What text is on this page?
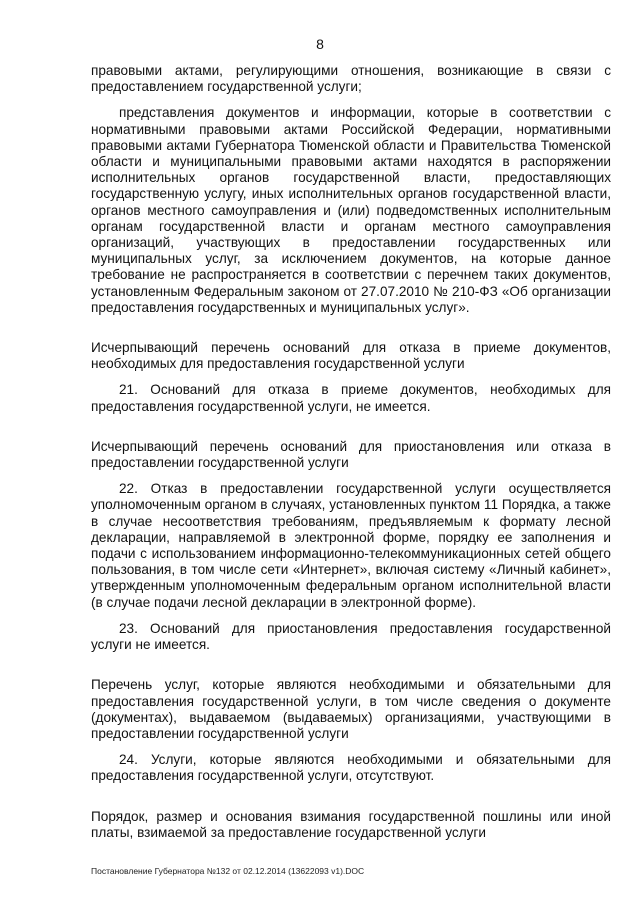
8

правовыми актами, регулирующими отношения, возникающие в связи с предоставлением государственной услуги;

представления документов и информации, которые в соответствии с нормативными правовыми актами Российской Федерации, нормативными правовыми актами Губернатора Тюменской области и Правительства Тюменской области и муниципальными правовыми актами находятся в распоряжении исполнительных органов государственной власти, предоставляющих государственную услугу, иных исполнительных органов государственной власти, органов местного самоуправления и (или) подведомственных исполнительным органам государственной власти и органам местного самоуправления организаций, участвующих в предоставлении государственных или муниципальных услуг, за исключением документов, на которые данное требование не распространяется в соответствии с перечнем таких документов, установленным Федеральным законом от 27.07.2010 № 210-ФЗ «Об организации предоставления государственных и муниципальных услуг».

Исчерпывающий перечень оснований для отказа в приеме документов, необходимых для предоставления государственной услуги

21. Оснований для отказа в приеме документов, необходимых для предоставления государственной услуги, не имеется.

Исчерпывающий перечень оснований для приостановления или отказа в предоставлении государственной услуги

22. Отказ в предоставлении государственной услуги осуществляется уполномоченным органом в случаях, установленных пунктом 11 Порядка, а также в случае несоответствия требованиям, предъявляемым к формату лесной декларации, направляемой в электронной форме, порядку ее заполнения и подачи с использованием информационно-телекоммуникационных сетей общего пользования, в том числе сети «Интернет», включая систему «Личный кабинет», утвержденным уполномоченным федеральным органом исполнительной власти (в случае подачи лесной декларации в электронной форме).

23. Оснований для приостановления предоставления государственной услуги не имеется.

Перечень услуг, которые являются необходимыми и обязательными для предоставления государственной услуги, в том числе сведения о документе (документах), выдаваемом (выдаваемых) организациями, участвующими в предоставлении государственной услуги

24. Услуги, которые являются необходимыми и обязательными для предоставления государственной услуги, отсутствуют.

Порядок, размер и основания взимания государственной пошлины или иной платы, взимаемой за предоставление государственной услуги

Постановление Губернатора №132 от 02.12.2014 (13622093 v1).DOC
